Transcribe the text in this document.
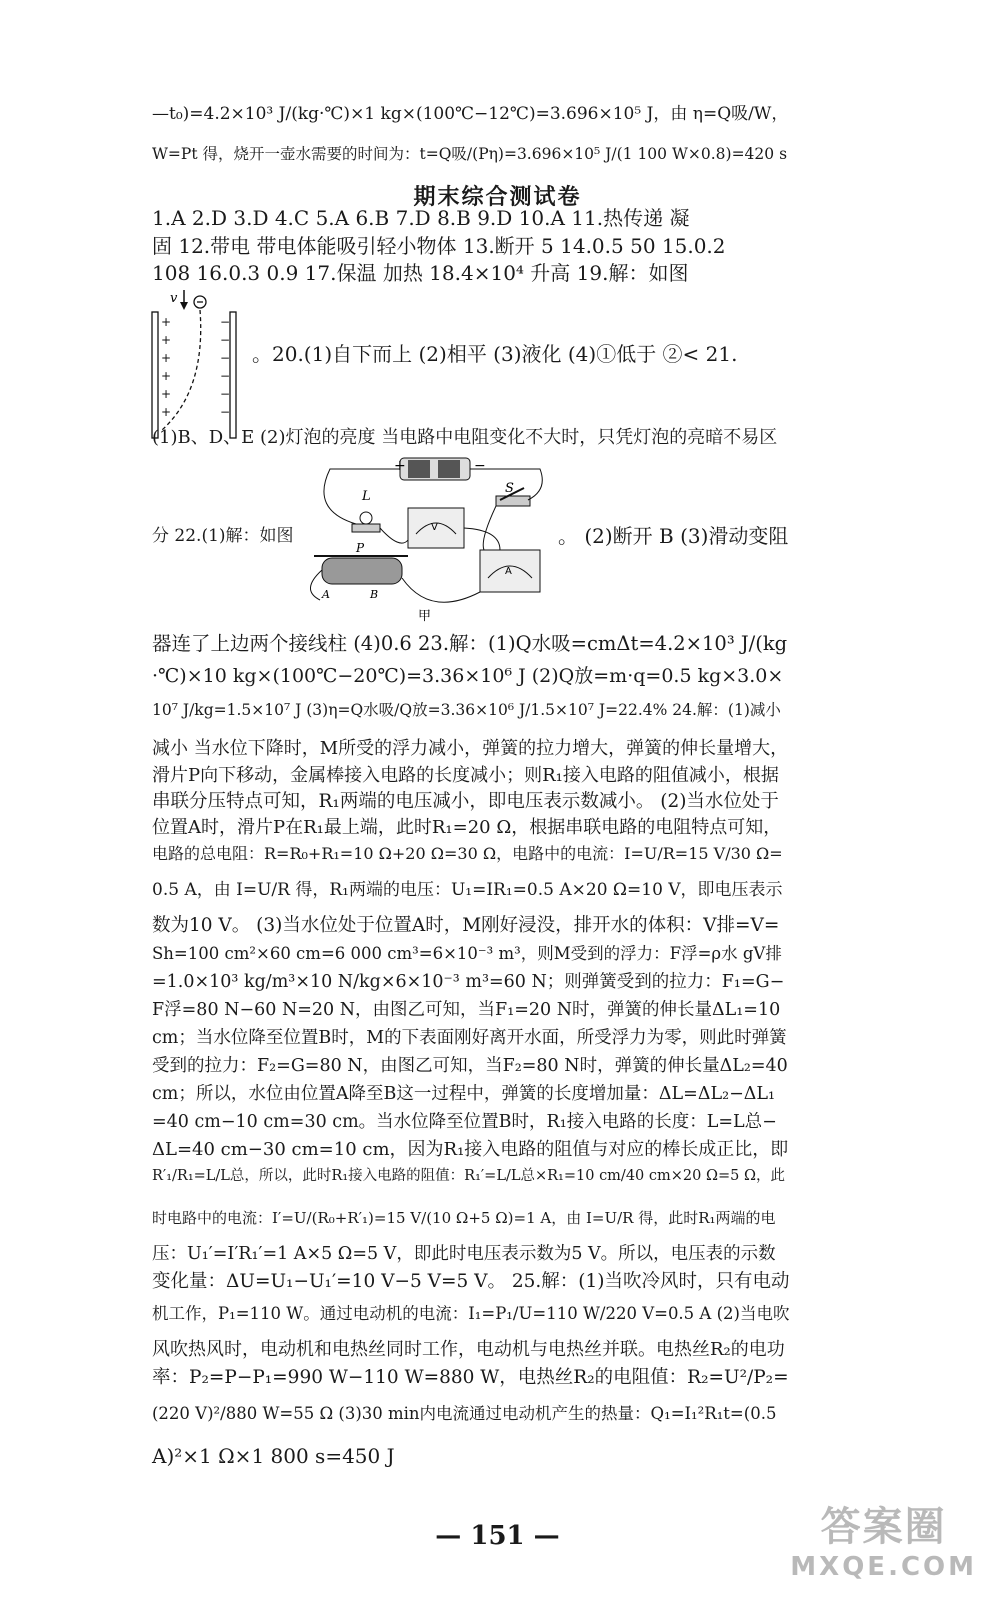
—t₀)=4.2×10³ J/(kg·℃)×1 kg×(100℃−12℃)=3.696×10⁵ J，由 η=Q吸/W，
W=Pt 得，烧开一壶水需要的时间为：t=Q吸/(Pη)=3.696×10⁵ J/(1 100 W×0.8)=420 s
期末综合测试卷
1.A 2.D 3.D 4.C 5.A 6.B 7.D 8.B 9.D 10.A 11.热传递 凝
固 12.带电 带电体能吸引轻小物体 13.断开 5 14.0.5 50 15.0.2
108 16.0.3 0.9 17.保温 加热 18.4×10⁴ 升高 19.解：如图
v
+
+
+
+
+
+
−
−
−
−
−
−
。20.(1)自下而上 (2)相平 (3)液化 (4)①低于 ②< 21.
(1)B、D、E (2)灯泡的亮度 当电路中电阻变化不大时，只凭灯泡的亮暗不易区
+	−
L
S
V
A
P
A	B
甲
分 22.(1)解：如图	。 (2)断开 B (3)滑动变阻
器连了上边两个接线柱 (4)0.6 23.解：(1)Q水吸=cmΔt=4.2×10³ J/(kg
·℃)×10 kg×(100℃−20℃)=3.36×10⁶ J (2)Q放=m·q=0.5 kg×3.0×
10⁷ J/kg=1.5×10⁷ J (3)η=Q水吸/Q放=3.36×10⁶ J/1.5×10⁷ J=22.4% 24.解：(1)减小
减小 当水位下降时，M所受的浮力减小，弹簧的拉力增大，弹簧的伸长量增大，
滑片P向下移动，金属棒接入电路的长度减小；则R₁接入电路的阻值减小，根据
串联分压特点可知，R₁两端的电压减小，即电压表示数减小。 (2)当水位处于
位置A时，滑片P在R₁最上端，此时R₁=20 Ω，根据串联电路的电阻特点可知，
电路的总电阻：R=R₀+R₁=10 Ω+20 Ω=30 Ω，电路中的电流：I=U/R=15 V/30 Ω=
0.5 A，由 I=U/R 得，R₁两端的电压：U₁=IR₁=0.5 A×20 Ω=10 V，即电压表示
数为10 V。 (3)当水位处于位置A时，M刚好浸没，排开水的体积：V排=V=
Sh=100 cm²×60 cm=6 000 cm³=6×10⁻³ m³，则M受到的浮力：F浮=ρ水 gV排
=1.0×10³ kg/m³×10 N/kg×6×10⁻³ m³=60 N；则弹簧受到的拉力：F₁=G−
F浮=80 N−60 N=20 N，由图乙可知，当F₁=20 N时，弹簧的伸长量ΔL₁=10
cm；当水位降至位置B时，M的下表面刚好离开水面，所受浮力为零，则此时弹簧
受到的拉力：F₂=G=80 N，由图乙可知，当F₂=80 N时，弹簧的伸长量ΔL₂=40
cm；所以，水位由位置A降至B这一过程中，弹簧的长度增加量：ΔL=ΔL₂−ΔL₁
=40 cm−10 cm=30 cm。当水位降至位置B时，R₁接入电路的长度：L=L总−
ΔL=40 cm−30 cm=10 cm，因为R₁接入电路的阻值与对应的棒长成正比，即
R′₁/R₁=L/L总，所以，此时R₁接入电路的阻值：R₁′=L/L总×R₁=10 cm/40 cm×20 Ω=5 Ω，此
时电路中的电流：I′=U/(R₀+R′₁)=15 V/(10 Ω+5 Ω)=1 A，由 I=U/R 得，此时R₁两端的电
压：U₁′=I′R₁′=1 A×5 Ω=5 V，即此时电压表示数为5 V。所以，电压表的示数
变化量：ΔU=U₁−U₁′=10 V−5 V=5 V。 25.解：(1)当吹冷风时，只有电动
机工作，P₁=110 W。通过电动机的电流：I₁=P₁/U=110 W/220 V=0.5 A (2)当电吹
风吹热风时，电动机和电热丝同时工作，电动机与电热丝并联。电热丝R₂的电功
率：P₂=P−P₁=990 W−110 W=880 W，电热丝R₂的电阻值：R₂=U²/P₂=
(220 V)²/880 W=55 Ω (3)30 min内电流通过电动机产生的热量：Q₁=I₁²R₁t=(0.5
A)²×1 Ω×1 800 s=450 J
— 151 —	答案圈
MXQE.COM
